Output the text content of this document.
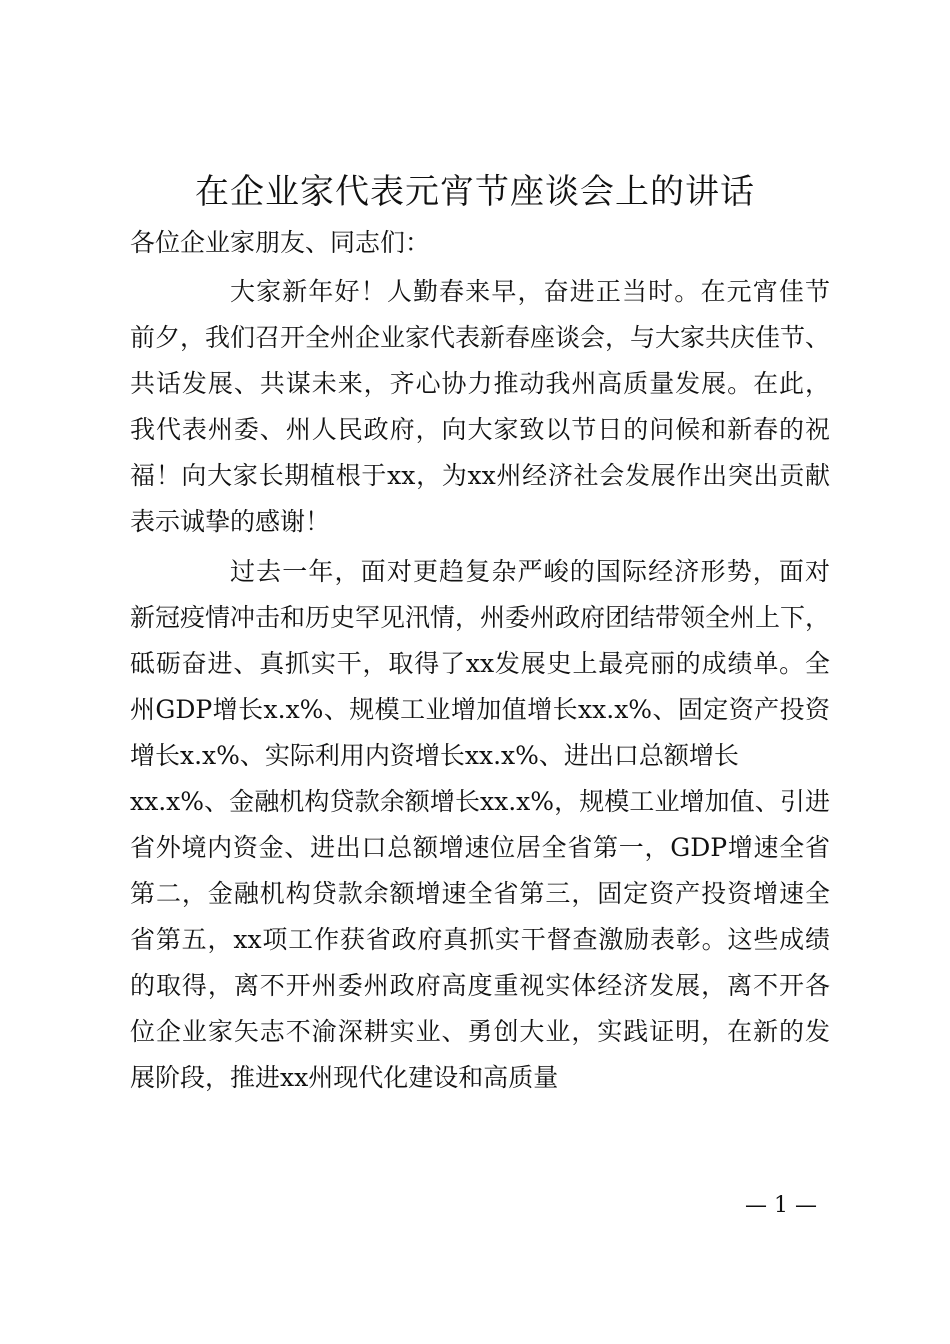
在企业家代表元宵节座谈会上的讲话
各位企业家朋友、同志们：
大家新年好！人勤春来早，奋进正当时。在元宵佳节
前夕，我们召开全州企业家代表新春座谈会，与大家共庆佳节、
共话发展、共谋未来，齐心协力推动我州高质量发展。在此，
我代表州委、州人民政府，向大家致以节日的问候和新春的祝
福！向大家长期植根于xx，为xx州经济社会发展作出突出贡献
表示诚挚的感谢！
过去一年，面对更趋复杂严峻的国际经济形势，面对
新冠疫情冲击和历史罕见汛情，州委州政府团结带领全州上下，
砥砺奋进、真抓实干，取得了xx发展史上最亮丽的成绩单。全
州GDP增长x.x%、规模工业增加值增长xx.x%、固定资产投资
增长x.x%、实际利用内资增长xx.x%、进出口总额增长
xx.x%、金融机构贷款余额增长xx.x%，规模工业增加值、引进
省外境内资金、进出口总额增速位居全省第一，GDP增速全省
第二，金融机构贷款余额增速全省第三，固定资产投资增速全
省第五，xx项工作获省政府真抓实干督查激励表彰。这些成绩
的取得，离不开州委州政府高度重视实体经济发展，离不开各
位企业家矢志不渝深耕实业、勇创大业，实践证明，在新的发
展阶段，推进xx州现代化建设和高质量
— 1 —
